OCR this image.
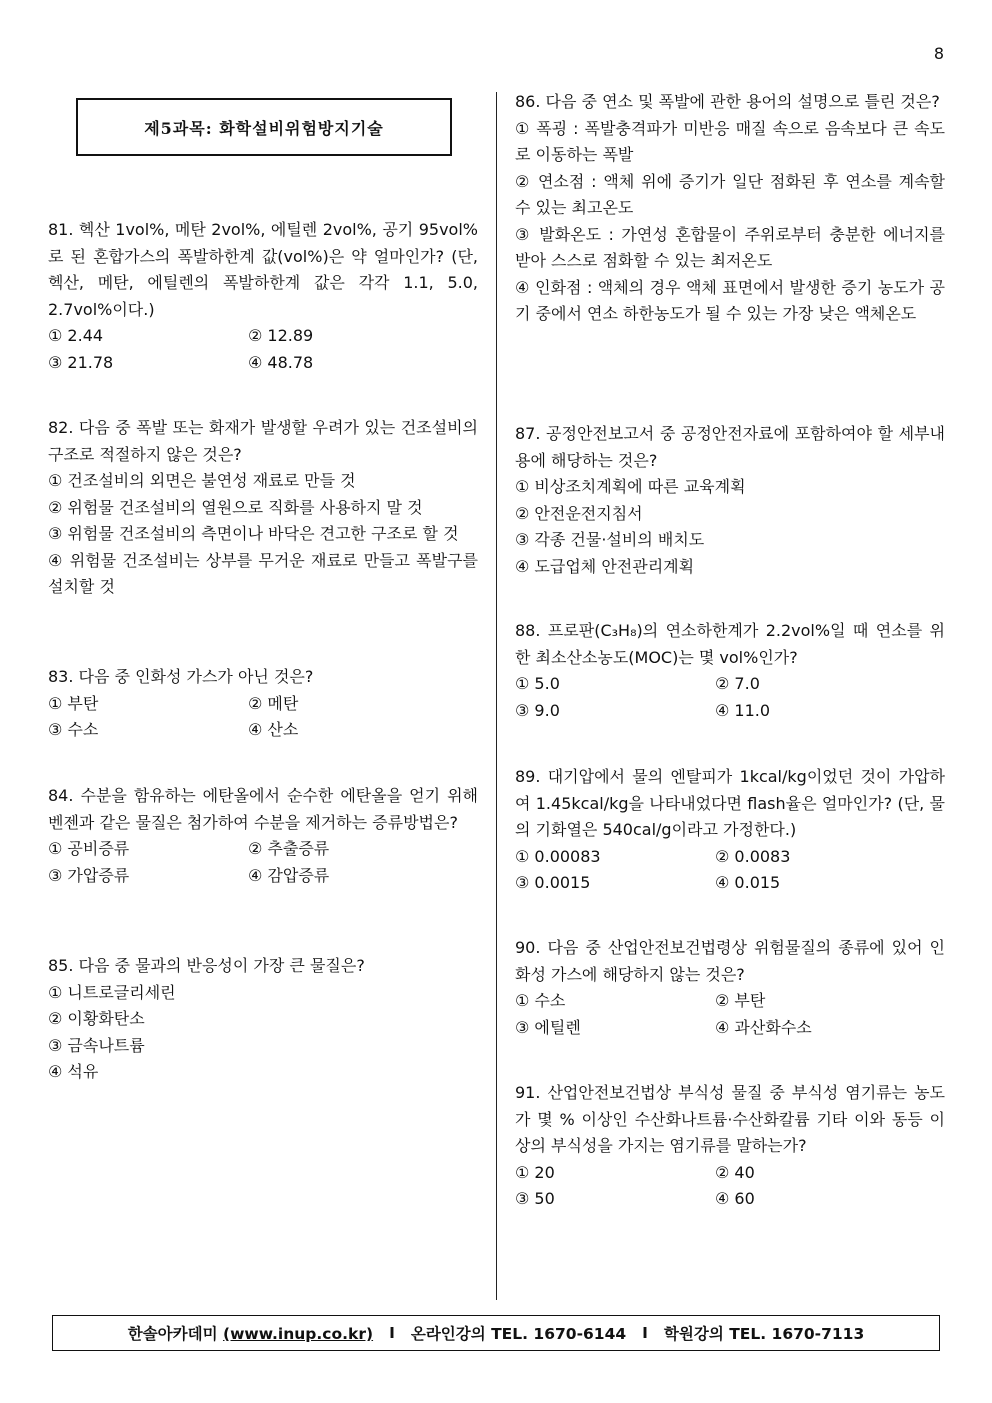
8
제5과목: 화학설비위험방지기술
81. 헥산 1vol%, 메탄 2vol%, 에틸렌 2vol%, 공기 95vol%로 된 혼합가스의 폭발하한계 값(vol%)은 약 얼마인가? (단, 헥산, 메탄, 에틸렌의 폭발하한계 값은 각각 1.1, 5.0, 2.7vol%이다.)
① 2.44	② 12.89
③ 21.78	④ 48.78
82. 다음 중 폭발 또는 화재가 발생할 우려가 있는 건조설비의 구조로 적절하지 않은 것은?
① 건조설비의 외면은 불연성 재료로 만들 것
② 위험물 건조설비의 열원으로 직화를 사용하지 말 것
③ 위험물 건조설비의 측면이나 바닥은 견고한 구조로 할 것
④ 위험물 건조설비는 상부를 무거운 재료로 만들고 폭발구를 설치할 것
83. 다음 중 인화성 가스가 아닌 것은?
① 부탄	② 메탄
③ 수소	④ 산소
84. 수분을 함유하는 에탄올에서 순수한 에탄올을 얻기 위해 벤젠과 같은 물질은 첨가하여 수분을 제거하는 증류방법은?
① 공비증류	② 추출증류
③ 가압증류	④ 감압증류
85. 다음 중 물과의 반응성이 가장 큰 물질은?
① 니트로글리세린
② 이황화탄소
③ 금속나트륨
④ 석유
86. 다음 중 연소 및 폭발에 관한 용어의 설명으로 틀린 것은?
① 폭굉 : 폭발충격파가 미반응 매질 속으로 음속보다 큰 속도로 이동하는 폭발
② 연소점 : 액체 위에 증기가 일단 점화된 후 연소를 계속할 수 있는 최고온도
③ 발화온도 : 가연성 혼합물이 주위로부터 충분한 에너지를 받아 스스로 점화할 수 있는 최저온도
④ 인화점 : 액체의 경우 액체 표면에서 발생한 증기 농도가 공기 중에서 연소 하한농도가 될 수 있는 가장 낮은 액체온도
87. 공정안전보고서 중 공정안전자료에 포함하여야 할 세부내용에 해당하는 것은?
① 비상조치계획에 따른 교육계획
② 안전운전지침서
③ 각종 건물·설비의 배치도
④ 도급업체 안전관리계획
88. 프로판(C₃H₈)의 연소하한계가 2.2vol%일 때 연소를 위한 최소산소농도(MOC)는 몇 vol%인가?
① 5.0	② 7.0
③ 9.0	④ 11.0
89. 대기압에서 물의 엔탈피가 1kcal/kg이었던 것이 가압하여 1.45kcal/kg을 나타내었다면 flash율은 얼마인가? (단, 물의 기화열은 540cal/g이라고 가정한다.)
① 0.00083	② 0.0083
③ 0.0015	④ 0.015
90. 다음 중 산업안전보건법령상 위험물질의 종류에 있어 인화성 가스에 해당하지 않는 것은?
① 수소	② 부탄
③ 에틸렌	④ 과산화수소
91. 산업안전보건법상 부식성 물질 중 부식성 염기류는 농도가 몇 % 이상인 수산화나트륨·수산화칼륨 기타 이와 동등 이상의 부식성을 가지는 염기류를 말하는가?
① 20	② 40
③ 50	④ 60
한솔아카데미 (www.inup.co.kr) I 온라인강의 TEL. 1670-6144 I 학원강의 TEL. 1670-7113
